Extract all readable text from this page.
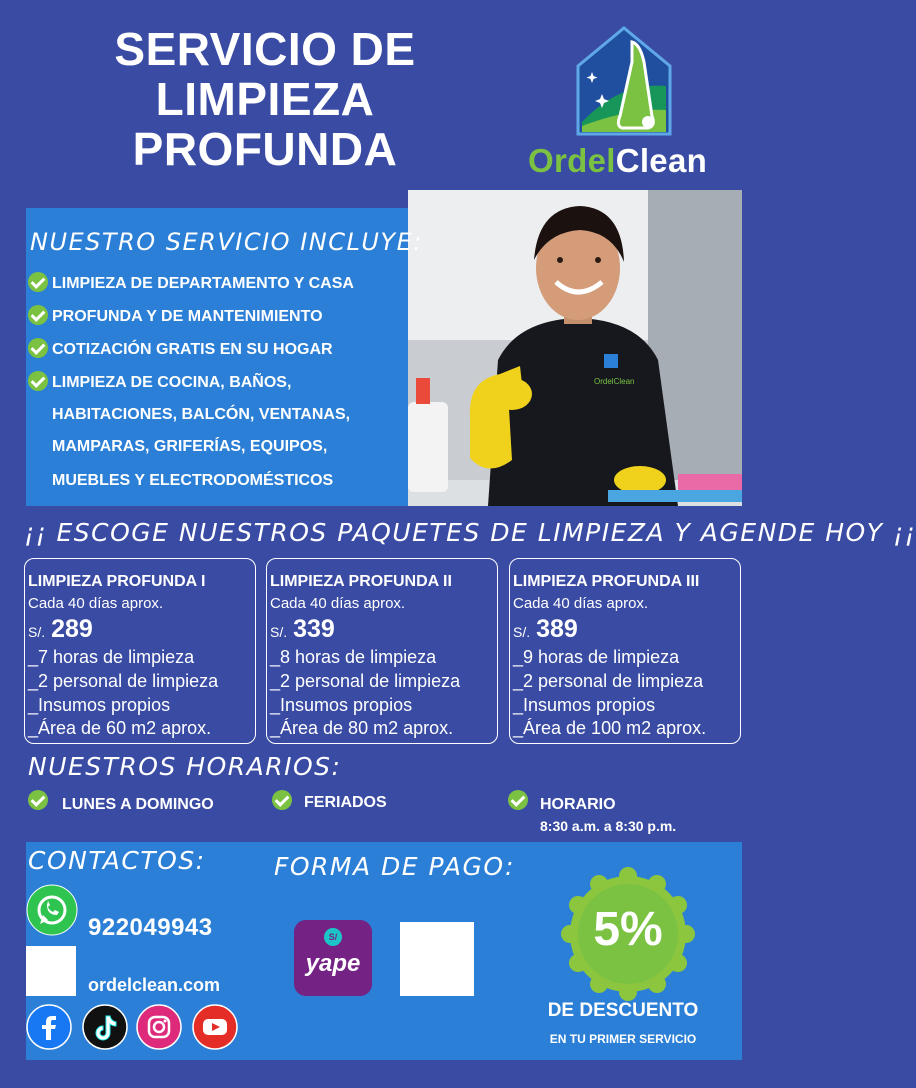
SERVICIO DE
LIMPIEZA
PROFUNDA	OrdelClean
OrdelClean
NUESTRO SERVICIO INCLUYE:
LIMPIEZA DE DEPARTAMENTO Y CASA
PROFUNDA Y DE MANTENIMIENTO
COTIZACIÓN GRATIS EN SU HOGAR
LIMPIEZA DE COCINA, BAÑOS,
HABITACIONES, BALCÓN, VENTANAS,
MAMPARAS, GRIFERÍAS, EQUIPOS,
MUEBLES Y ELECTRODOMÉSTICOS
¡¡ ESCOGE NUESTROS PAQUETES DE LIMPIEZA Y AGENDE HOY ¡¡
LIMPIEZA PROFUNDA I
Cada 40 días aprox.
S/. 289
_7 horas de limpieza
_2 personal de limpieza
_Insumos propios
_Área de 60 m2 aprox.
LIMPIEZA PROFUNDA II
Cada 40 días aprox.
S/. 339
_8 horas de limpieza
_2 personal de limpieza
_Insumos propios
_Área de 80 m2 aprox.
LIMPIEZA PROFUNDA III
Cada 40 días aprox.
S/. 389
_9 horas de limpieza
_2 personal de limpieza
_Insumos propios
_Área de 100 m2 aprox.
NUESTROS HORARIOS:
LUNES A DOMINGO	FERIADOS	HORARIO
8:30 a.m. a 8:30 p.m.
CONTACTOS:	FORMA DE PAGO:
922049943
ordelclean.com
S/
yape
5%
DE DESCUENTO
EN TU PRIMER SERVICIO
